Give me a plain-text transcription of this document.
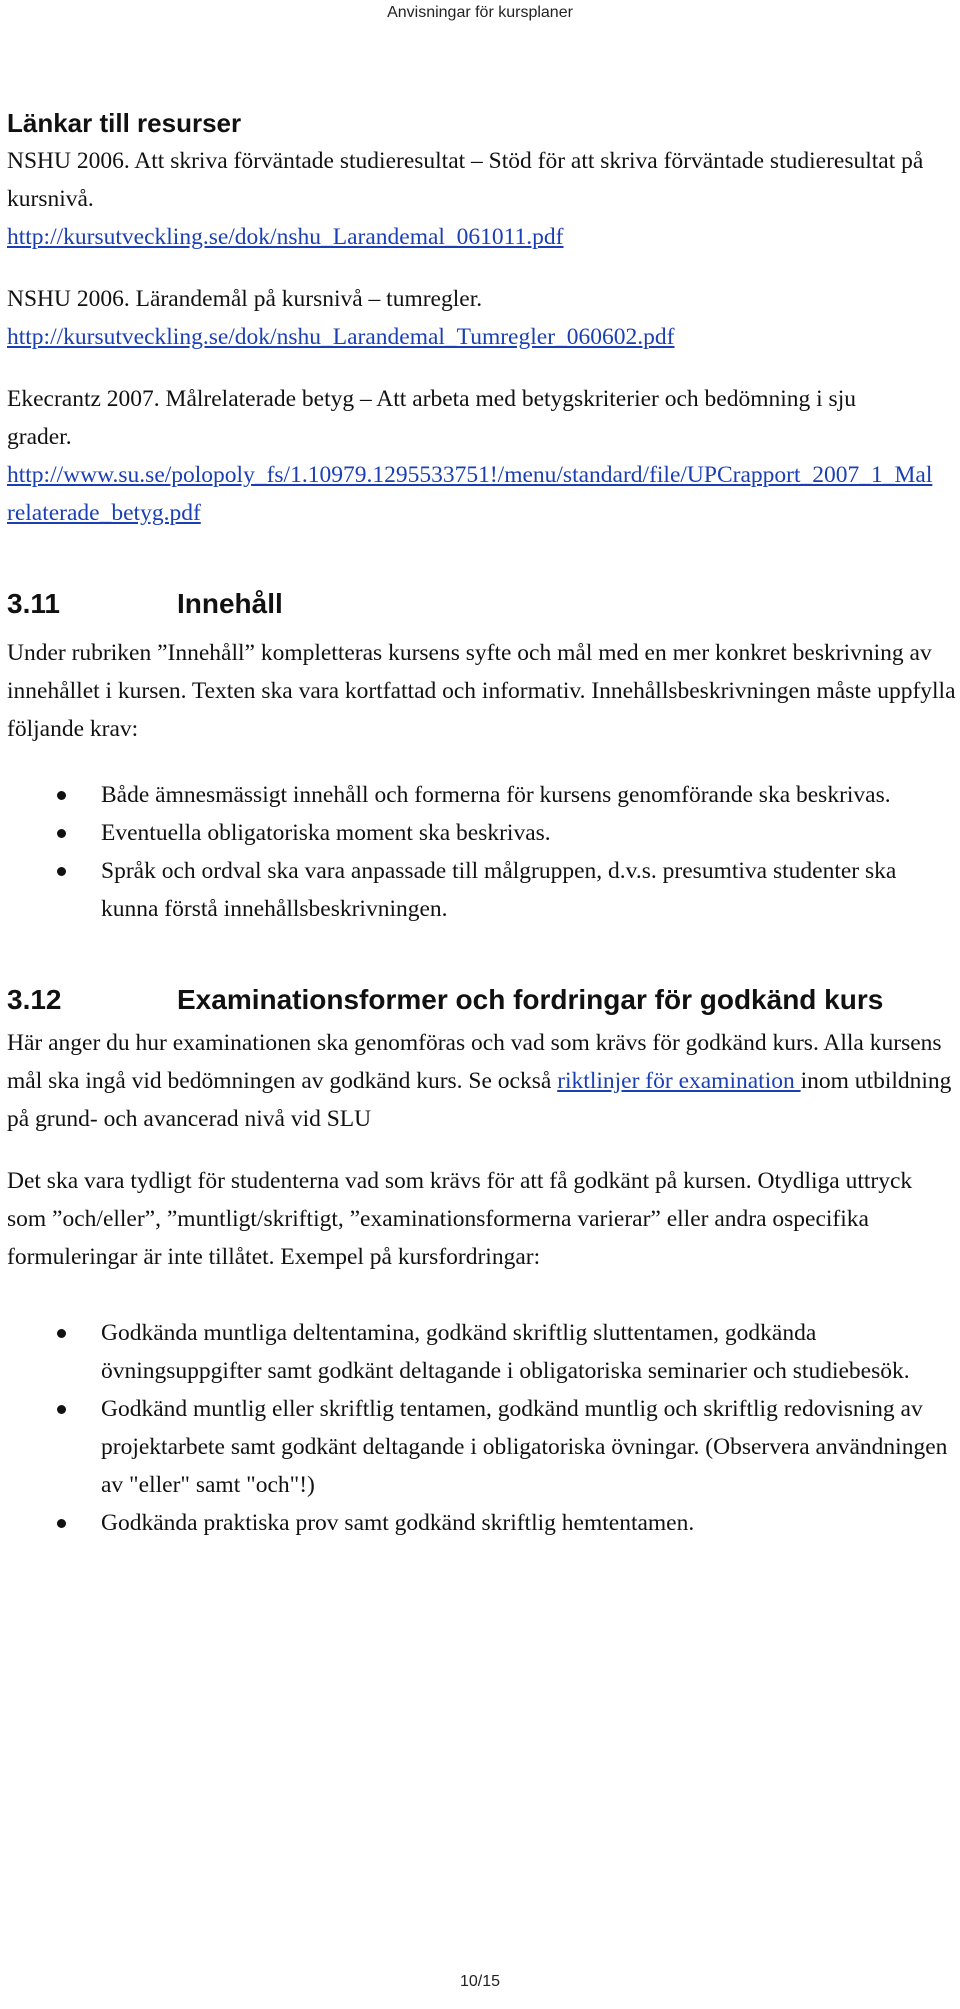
Anvisningar för kursplaner
Länkar till resurser

NSHU 2006. Att skriva förväntade studieresultat – Stöd för att skriva förväntade studieresultat på kursnivå.

http://kursutveckling.se/dok/nshu_Larandemal_061011.pdf

NSHU 2006. Lärandemål på kursnivå – tumregler.

http://kursutveckling.se/dok/nshu_Larandemal_Tumregler_060602.pdf

Ekecrantz 2007. Målrelaterade betyg – Att arbeta med betygskriterier och bedömning i sju grader.

http://www.su.se/polopoly_fs/1.10979.1295533751!/menu/standard/file/UPCrapport_2007_1_Malrelaterade_betyg.pdf

3.11	Innehåll

Under rubriken ”Innehåll” kompletteras kursens syfte och mål med en mer konkret beskrivning av innehållet i kursen. Texten ska vara kortfattad och informativ. Innehållsbeskrivningen måste uppfylla följande krav:

Både ämnesmässigt innehåll och formerna för kursens genomförande ska beskrivas.
Eventuella obligatoriska moment ska beskrivas.
Språk och ordval ska vara anpassade till målgruppen, d.v.s. presumtiva studenter ska kunna förstå innehållsbeskrivningen.
3.12	Examinationsformer och fordringar för godkänd kurs

Här anger du hur examinationen ska genomföras och vad som krävs för godkänd kurs. Alla kursens mål ska ingå vid bedömningen av godkänd kurs. Se också riktlinjer för examination inom utbildning på grund- och avancerad nivå vid SLU

Det ska vara tydligt för studenterna vad som krävs för att få godkänt på kursen. Otydliga uttryck som ”och/eller”, ”muntligt/skriftigt, ”examinationsformerna varierar” eller andra ospecifika formuleringar är inte tillåtet. Exempel på kursfordringar:

Godkända muntliga deltentamina, godkänd skriftlig sluttentamen, godkända övningsuppgifter samt godkänt deltagande i obligatoriska seminarier och studiebesök.
Godkänd muntlig eller skriftlig tentamen, godkänd muntlig och skriftlig redovisning av projektarbete samt godkänt deltagande i obligatoriska övningar. (Observera användningen av "eller" samt "och"!)
Godkända praktiska prov samt godkänd skriftlig hemtentamen.
10/15
